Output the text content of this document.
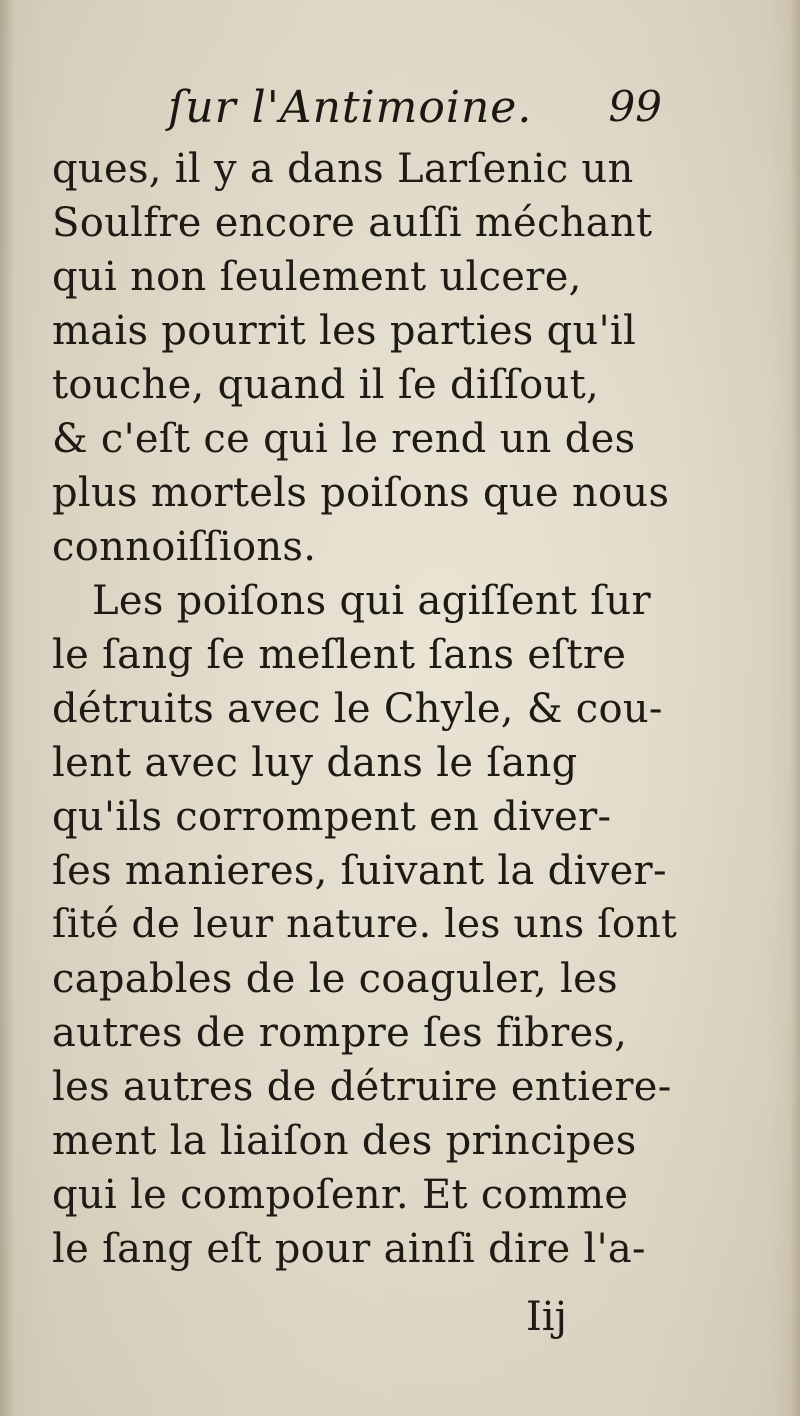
ſur l'Antimoine. 99
ques, il y a dans Larſenic un
Soulfre encore auſſi méchant
qui non ſeulement ulcere,
mais pourrit les parties qu'il
touche, quand il ſe diſſout,
& c'eſt ce qui le rend un des
plus mortels poiſons que nous
connoiſſions.
Les poiſons qui agiſſent ſur
le ſang ſe meſlent ſans eſtre
détruits avec le Chyle, & cou-
lent avec luy dans le ſang
qu'ils corrompent en diver-
ſes manieres, ſuivant la diver-
ſité de leur nature. les uns ſont
capables de le coaguler, les
autres de rompre ſes fibres,
les autres de détruire entiere-
ment la liaiſon des principes
qui le compoſenr. Et comme
le ſang eſt pour ainſi dire l'a-
Iij
